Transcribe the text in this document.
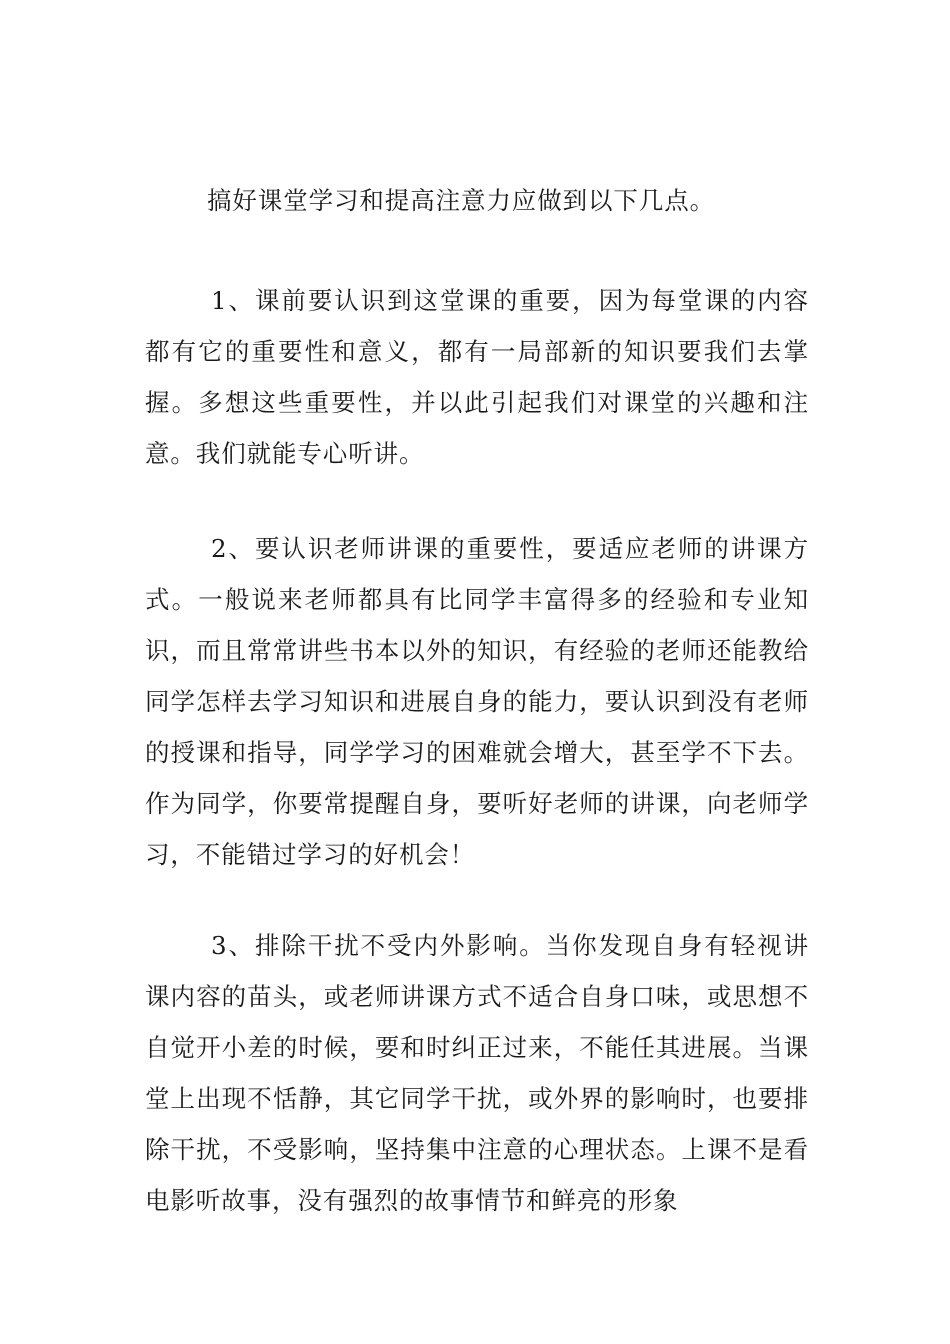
搞好课堂学习和提高注意力应做到以下几点。

1、课前要认识到这堂课的重要，因为每堂课的内容都有它的重要性和意义，都有一局部新的知识要我们去掌握。多想这些重要性，并以此引起我们对课堂的兴趣和注意。我们就能专心听讲。

2、要认识老师讲课的重要性，要适应老师的讲课方式。一般说来老师都具有比同学丰富得多的经验和专业知识，而且常常讲些书本以外的知识，有经验的老师还能教给同学怎样去学习知识和进展自身的能力，要认识到没有老师的授课和指导，同学学习的困难就会增大，甚至学不下去。作为同学，你要常提醒自身，要听好老师的讲课，向老师学习，不能错过学习的好机会！

3、排除干扰不受内外影响。当你发现自身有轻视讲课内容的苗头，或老师讲课方式不适合自身口味，或思想不自觉开小差的时候，要和时纠正过来，不能任其进展。当课堂上出现不恬静，其它同学干扰，或外界的影响时，也要排除干扰，不受影响，坚持集中注意的心理状态。上课不是看电影听故事，没有强烈的故事情节和鲜亮的形象
